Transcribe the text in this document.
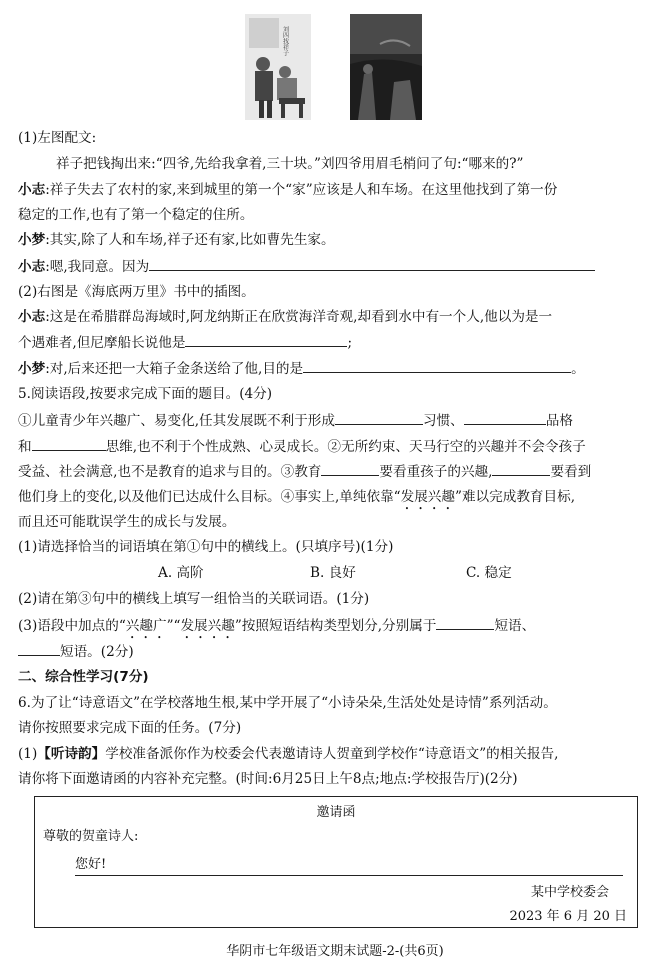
刘四找祥子
(1)左图配文:
祥子把钱掏出来:“四爷,先给我拿着,三十块。”刘四爷用眉毛梢问了句:“哪来的?”
小志:祥子失去了农村的家,来到城里的第一个“家”应该是人和车场。在这里他找到了第一份
稳定的工作,也有了第一个稳定的住所。
小梦:其实,除了人和车场,祥子还有家,比如曹先生家。
小志:嗯,我同意。因为
(2)右图是《海底两万里》书中的插图。
小志:这是在希腊群岛海域时,阿龙纳斯正在欣赏海洋奇观,却看到水中有一个人,他以为是一
个遇难者,但尼摩船长说他是	;
小梦:对,后来还把一大箱子金条送给了他,目的是	。
5.阅读语段,按要求完成下面的题目。(4分)
①儿童青少年兴趣广、易变化,任其发展既不利于形成	习惯、	品格
和	思维,也不利于个性成熟、心灵成长。②无所约束、天马行空的兴趣并不会令孩子
受益、社会满意,也不是教育的追求与目的。③教育	要看重孩子的兴趣,	要看到
他们身上的变化,以及他们已达成什么目标。④事实上,单纯依靠“发展兴趣”难以完成教育目标,
而且还可能耽误学生的成长与发展。
(1)请选择恰当的词语填在第①句中的横线上。(只填序号)(1分)
A. 高阶	B. 良好	C. 稳定
(2)请在第③句中的横线上填写一组恰当的关联词语。(1分)
(3)语段中加点的“兴趣广”“发展兴趣”按照短语结构类型划分,分别属于	短语、
短语。(2分)
二、综合性学习(7分)
6.为了让“诗意语文”在学校落地生根,某中学开展了“小诗朵朵,生活处处是诗情”系列活动。
请你按照要求完成下面的任务。(7分)
(1)【听诗韵】学校准备派你作为校委会代表邀请诗人贺童到学校作“诗意语文”的相关报告,
请你将下面邀请函的内容补充完整。(时间:6月25日上午8点;地点:学校报告厅)(2分)
邀请函
尊敬的贺童诗人:
您好!
某中学校委会
2023 年 6 月 20 日
华阴市七年级语文期末试题-2-(共6页)
